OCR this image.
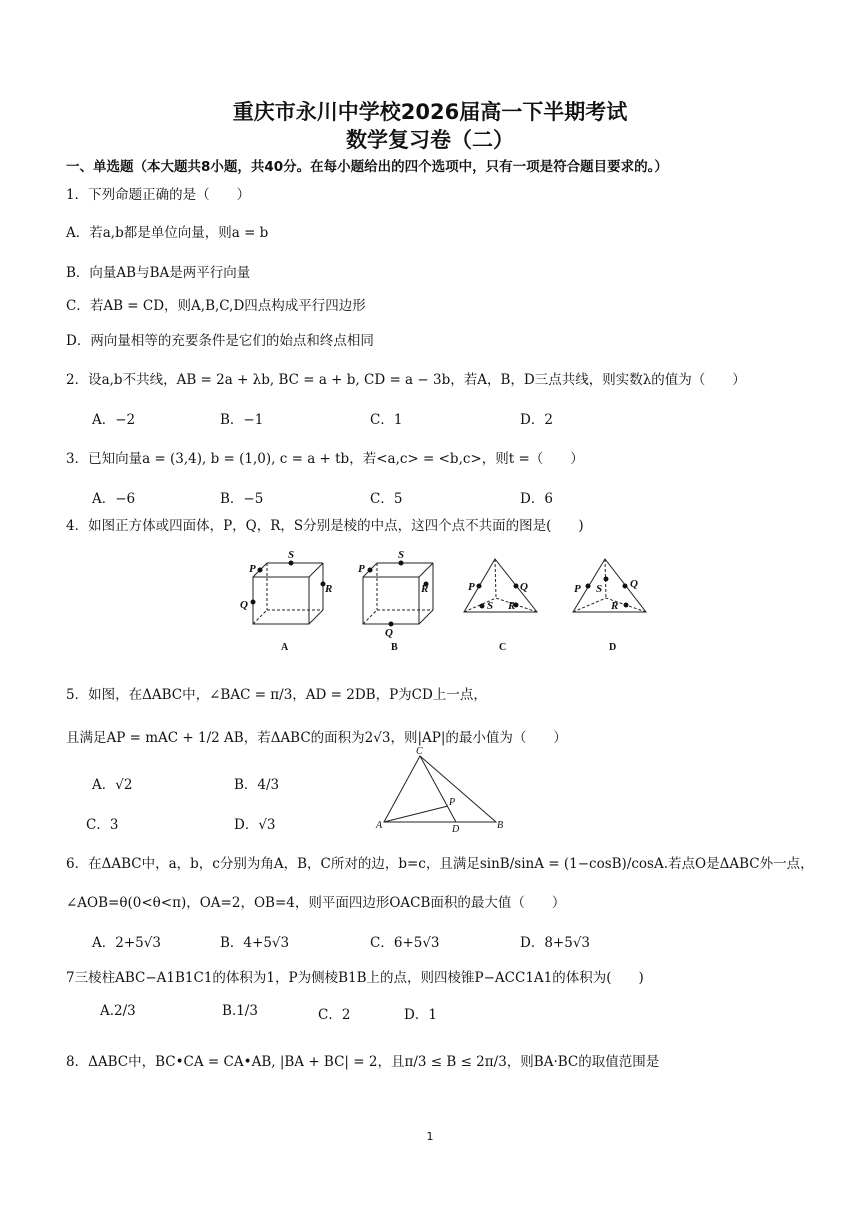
重庆市永川中学校2026届高一下半期考试
数学复习卷（二）
一、单选题（本大题共8小题，共40分。在每小题给出的四个选项中，只有一项是符合题目要求的。）
1．下列命题正确的是（　　）
A．若a,b都是单位向量，则a = b
B．向量AB与BA是两平行向量
C．若AB = CD，则A,B,C,D四点构成平行四边形
D．两向量相等的充要条件是它们的始点和终点相同
2．设a,b不共线，AB = 2a + λb, BC = a + b, CD = a − 3b，若A，B，D三点共线，则实数λ的值为（　　）
A．−2	B．−1	C．1	D．2
3．已知向量a = (3,4), b = (1,0), c = a + tb，若<a,c> = <b,c>，则t =（　　）
A．−6	B．−5	C．5	D．6
4．如图正方体或四面体，P，Q，R，S分别是棱的中点，这四个点不共面的图是(　　)
S
P
R
Q
S
P
R
Q
P	Q
S R
P S	Q
R
A	B	C	D
5．如图，在ΔABC中，∠BAC = π/3，AD = 2DB，P为CD上一点，
且满足AP = mAC + 1/2 AB，若ΔABC的面积为2√3，则|AP|的最小值为（　　）
A．√2	B．4/3
C．3	D．√3
C
P
A	D	B
6．在ΔABC中，a，b，c分别为角A，B，C所对的边，b=c，且满足sinB/sinA = (1−cosB)/cosA.若点O是ΔABC外一点，
∠AOB=θ(0<θ<π)，OA=2，OB=4，则平面四边形OACB面积的最大值（　　）
A．2+5√3	B．4+5√3	C．6+5√3	D．8+5√3
7三棱柱ABC−A1B1C1的体积为1，P为侧棱B1B上的点，则四棱锥P−ACC1A1的体积为(　　)
A.2/3	B.1/3	C．2	D．1
8．ΔABC中，BC•CA = CA•AB, |BA + BC| = 2，且π/3 ≤ B ≤ 2π/3，则BA·BC的取值范围是
1
